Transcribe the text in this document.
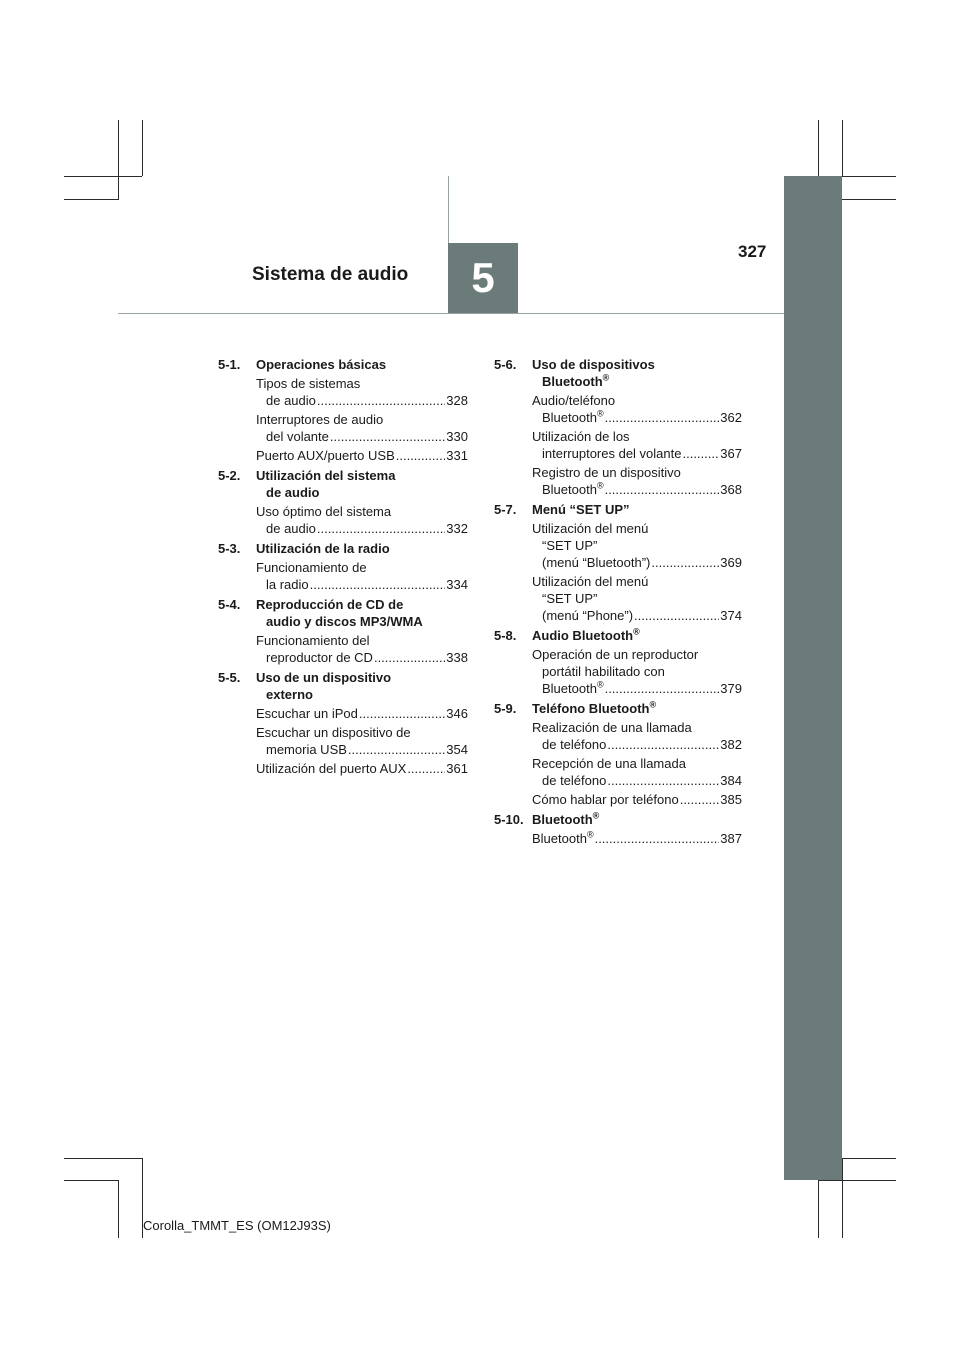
327
Sistema de audio 5
5-1.	Operaciones básicas
Tipos de sistemas
de audio .....	328
Interruptores de audio
del volante .....	330
Puerto AUX/puerto USB .....	331
5-2.	Utilización del sistema
de audio
Uso óptimo del sistema
de audio .....	332
5-3.	Utilización de la radio
Funcionamiento de
la radio .....	334
5-4.	Reproducción de CD de
audio y discos MP3/WMA
Funcionamiento del
reproductor de CD .....	338
5-5.	Uso de un dispositivo
externo
Escuchar un iPod .....	346
Escuchar un dispositivo de
memoria USB .....	354
Utilización del puerto AUX .....	361
5-6.	Uso de dispositivos
Bluetooth®
Audio/teléfono
Bluetooth® .....	362
Utilización de los
interruptores del volante .....	367
Registro de un dispositivo
Bluetooth® .....	368
5-7.	Menú “SET UP”
Utilización del menú
“SET UP”
(menú “Bluetooth”) .....	369
Utilización del menú
“SET UP”
(menú “Phone”) .....	374
5-8.	Audio Bluetooth®
Operación de un reproductor
portátil habilitado con
Bluetooth® .....	379
5-9.	Teléfono Bluetooth®
Realización de una llamada
de teléfono .....	382
Recepción de una llamada
de teléfono .....	384
Cómo hablar por teléfono .....	385
5-10. Bluetooth®
Bluetooth® .....	387
Corolla_TMMT_ES (OM12J93S)
